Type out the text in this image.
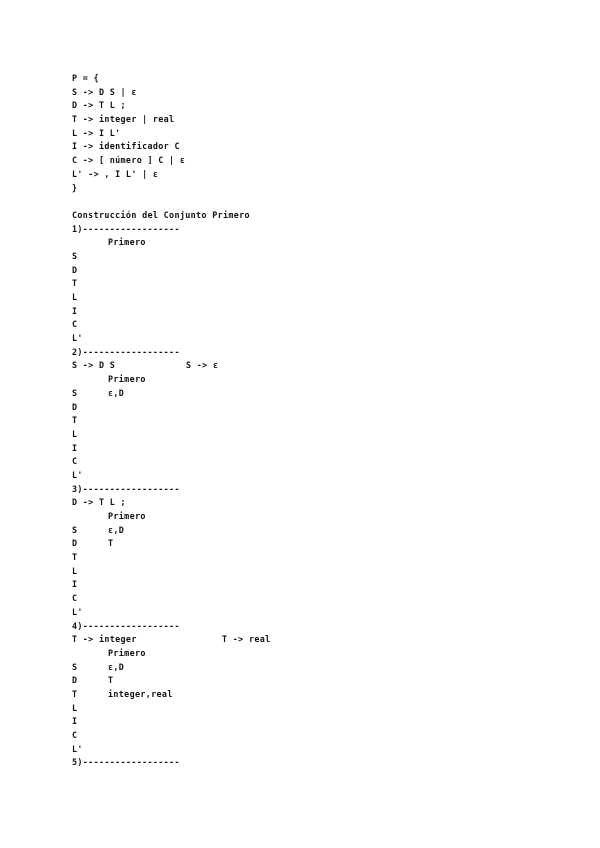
P = {
S -> D S | ε
D -> T L ;
T -> integer | real
L -> I L'
I -> identificador C
C -> [ número ] C | ε
L' -> , I L' | ε
}
Construcción del Conjunto Primero
1)------------------
Primero
S
D
T
L
I
C
L'
2)------------------
S -> D S	S -> ε
Primero
S	ε,D
D
T
L
I
C
L'
3)------------------
D -> T L ;
Primero
S	ε,D
D	T
T
L
I
C
L'
4)------------------
T -> integer	T -> real
Primero
S	ε,D
D	T
T	integer,real
L
I
C
L'
5)------------------
